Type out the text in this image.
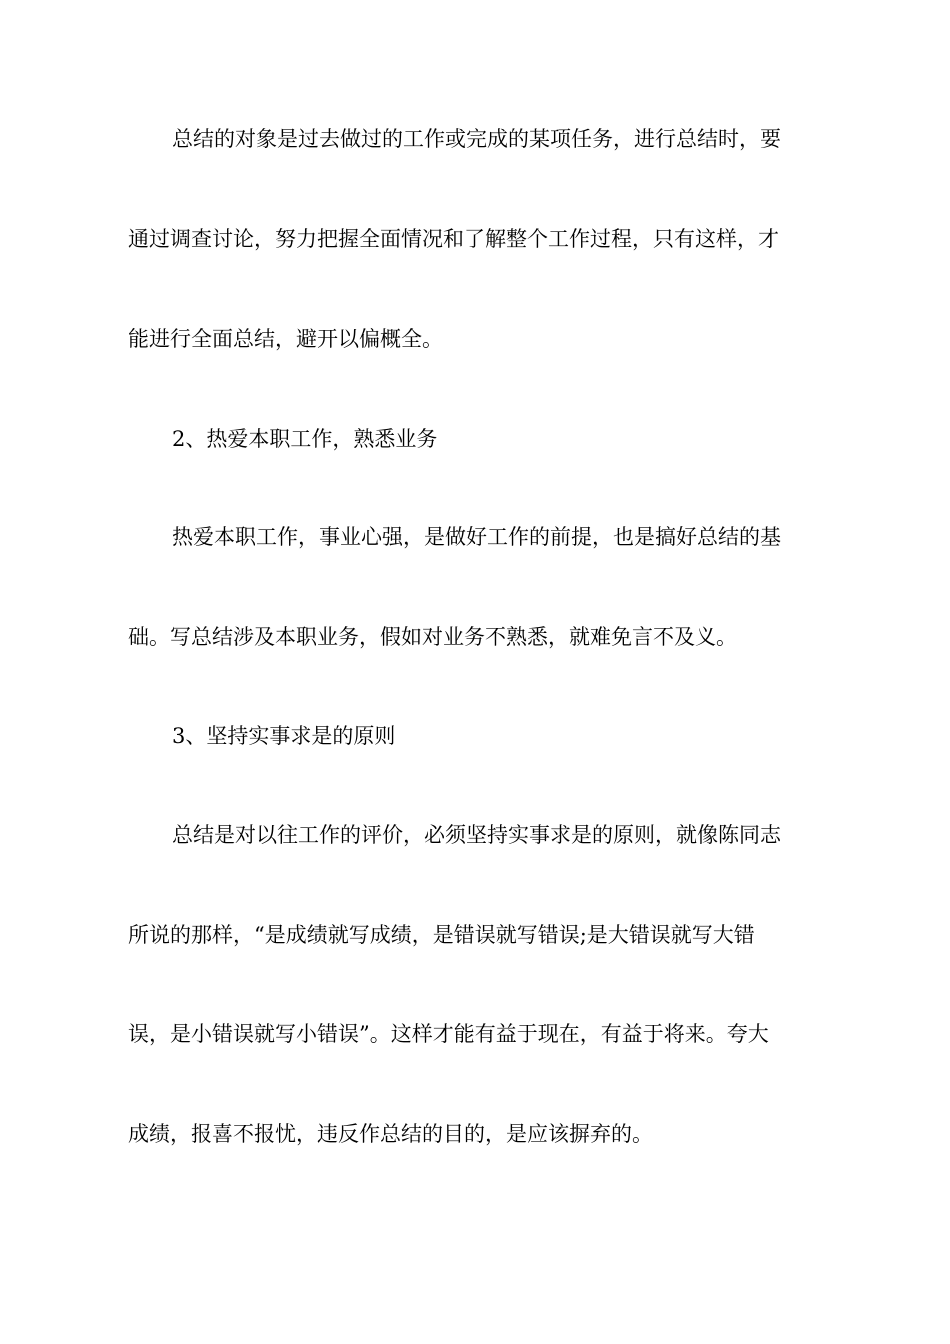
总结的对象是过去做过的工作或完成的某项任务，进行总结时，要
通过调查讨论，努力把握全面情况和了解整个工作过程，只有这样，才
能进行全面总结，避开以偏概全。
2、热爱本职工作，熟悉业务
热爱本职工作，事业心强，是做好工作的前提，也是搞好总结的基
础。写总结涉及本职业务，假如对业务不熟悉，就难免言不及义。
3、坚持实事求是的原则
总结是对以往工作的评价，必须坚持实事求是的原则，就像陈同志
所说的那样，“是成绩就写成绩，是错误就写错误;是大错误就写大错
误，是小错误就写小错误”。这样才能有益于现在，有益于将来。夸大
成绩，报喜不报忧，违反作总结的目的，是应该摒弃的。
